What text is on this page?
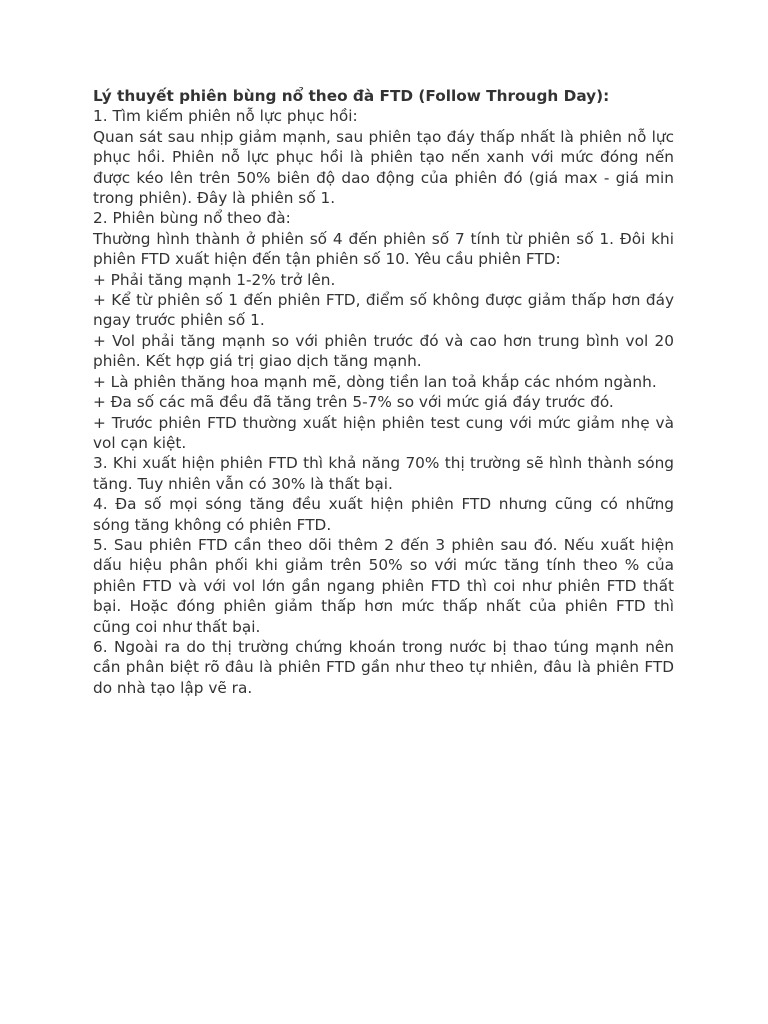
Lý thuyết phiên bùng nổ theo đà FTD (Follow Through Day):
1. Tìm kiếm phiên nỗ lực phục hồi:
Quan sát sau nhịp giảm mạnh, sau phiên tạo đáy thấp nhất là phiên nỗ lực
phục hồi. Phiên nỗ lực phục hồi là phiên tạo nến xanh với mức đóng nến
được kéo lên trên 50% biên độ dao động của phiên đó (giá max - giá min
trong phiên). Đây là phiên số 1.
2. Phiên bùng nổ theo đà:
Thường hình thành ở phiên số 4 đến phiên số 7 tính từ phiên số 1. Đôi khi
phiên FTD xuất hiện đến tận phiên số 10. Yêu cầu phiên FTD:
+ Phải tăng mạnh 1-2% trở lên.
+ Kể từ phiên số 1 đến phiên FTD, điểm số không được giảm thấp hơn đáy
ngay trước phiên số 1.
+ Vol phải tăng mạnh so với phiên trước đó và cao hơn trung bình vol 20
phiên. Kết hợp giá trị giao dịch tăng mạnh.
+ Là phiên thăng hoa mạnh mẽ, dòng tiền lan toả khắp các nhóm ngành.
+ Đa số các mã đều đã tăng trên 5-7% so với mức giá đáy trước đó.
+ Trước phiên FTD thường xuất hiện phiên test cung với mức giảm nhẹ và
vol cạn kiệt.
3. Khi xuất hiện phiên FTD thì khả năng 70% thị trường sẽ hình thành sóng
tăng. Tuy nhiên vẫn có 30% là thất bại.
4. Đa số mọi sóng tăng đều xuất hiện phiên FTD nhưng cũng có những
sóng tăng không có phiên FTD.
5. Sau phiên FTD cần theo dõi thêm 2 đến 3 phiên sau đó. Nếu xuất hiện
dấu hiệu phân phối khi giảm trên 50% so với mức tăng tính theo % của
phiên FTD và với vol lớn gần ngang phiên FTD thì coi như phiên FTD thất
bại. Hoặc đóng phiên giảm thấp hơn mức thấp nhất của phiên FTD thì
cũng coi như thất bại.
6. Ngoài ra do thị trường chứng khoán trong nước bị thao túng mạnh nên
cần phân biệt rõ đâu là phiên FTD gần như theo tự nhiên, đâu là phiên FTD
do nhà tạo lập vẽ ra.
